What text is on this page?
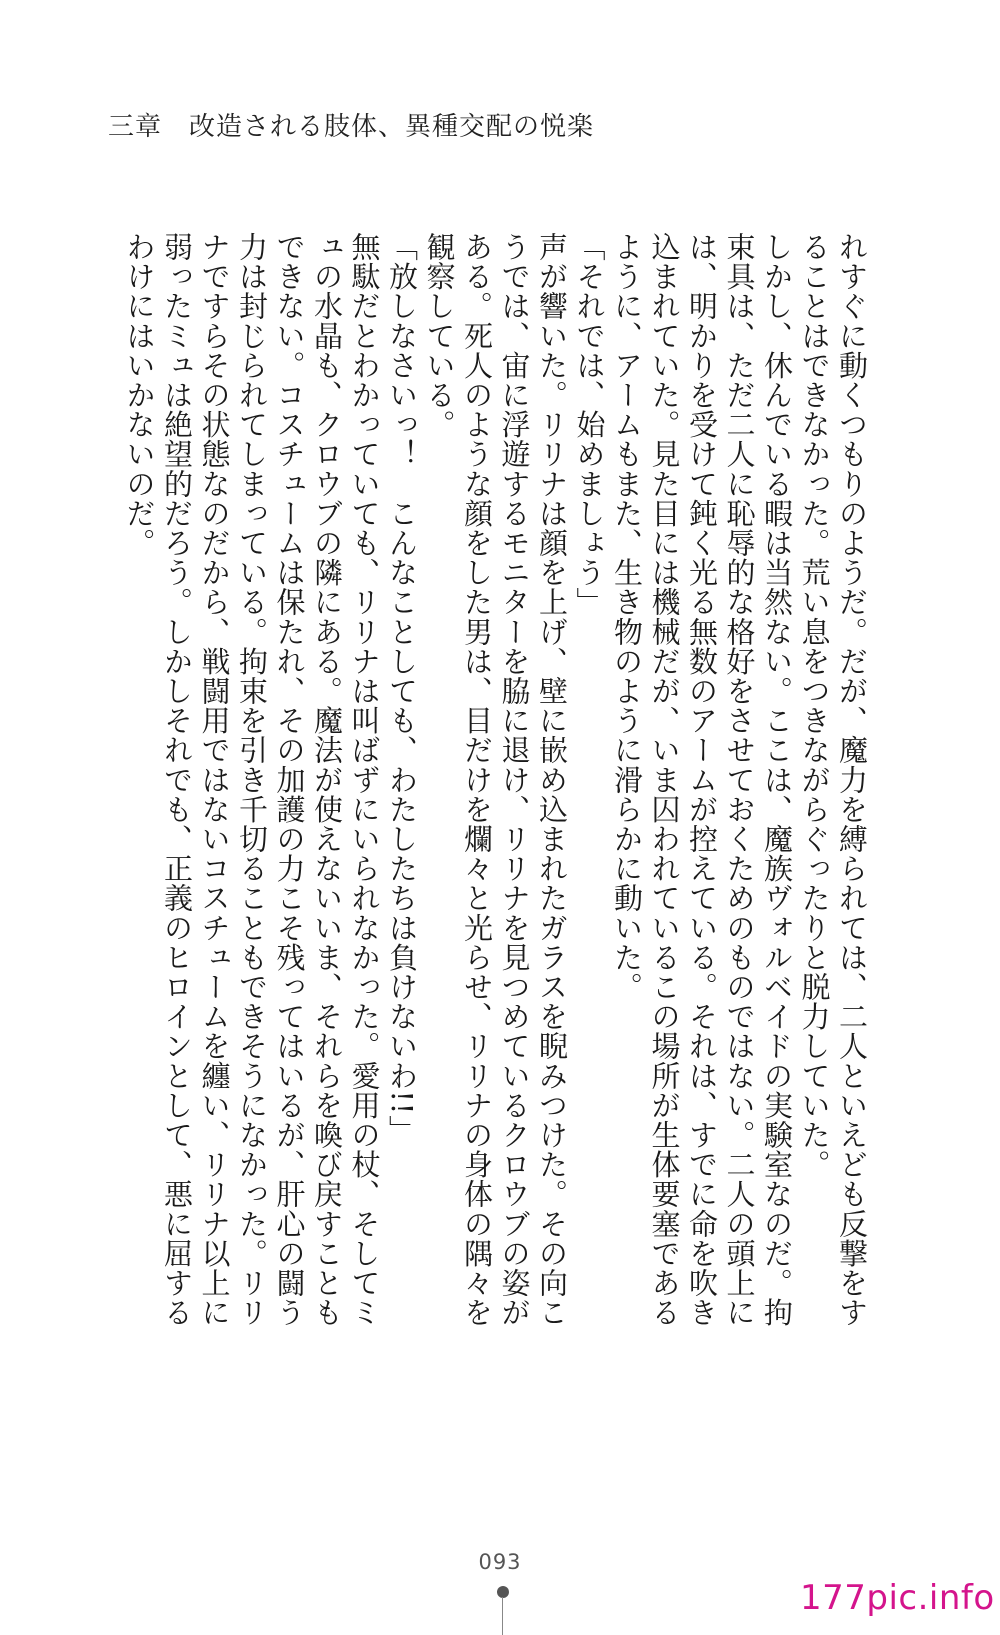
三章　改造される肢体、異種交配の悦楽

れすぐに動くつもりのようだ。だが、魔力を縛られては、二人といえども反撃をすることはできなかった。荒い息をつきながらぐったりと脱力していた。

しかし、休んでいる暇は当然ない。ここは、魔族ヴォルベイドの実験室なのだ。拘束具は、ただ二人に恥辱的な格好をさせておくためのものではない。二人の頭上には、明かりを受けて鈍く光る無数のアームが控えている。それは、すでに命を吹き込まれていた。見た目には機械だが、いま囚われているこの場所が生体要塞であるように、アームもまた、生き物のように滑らかに動いた。

「それでは、始めましょう」

声が響いた。リリナは顔を上げ、壁に嵌め込まれたガラスを睨みつけた。その向こうでは、宙に浮遊するモニターを脇に退け、リリナを見つめているクロウブの姿がある。死人のような顔をした男は、目だけを爛々と光らせ、リリナの身体の隅々を観察している。

「放しなさいっ！　こんなことしても、わたしたちは負けないわ!!」

無駄だとわかっていても、リリナは叫ばずにいられなかった。愛用の杖、そしてミュの水晶も、クロウブの隣にある。魔法が使えないいま、それらを喚び戻すこともできない。コスチュームは保たれ、その加護の力こそ残ってはいるが、肝心の闘う力は封じられてしまっている。拘束を引き千切ることもできそうになかった。リリナですらその状態なのだから、戦闘用ではないコスチュームを纏い、リリナ以上に弱ったミュは絶望的だろう。しかしそれでも、正義のヒロインとして、悪に屈するわけにはいかないのだ。

093
177pic.info
